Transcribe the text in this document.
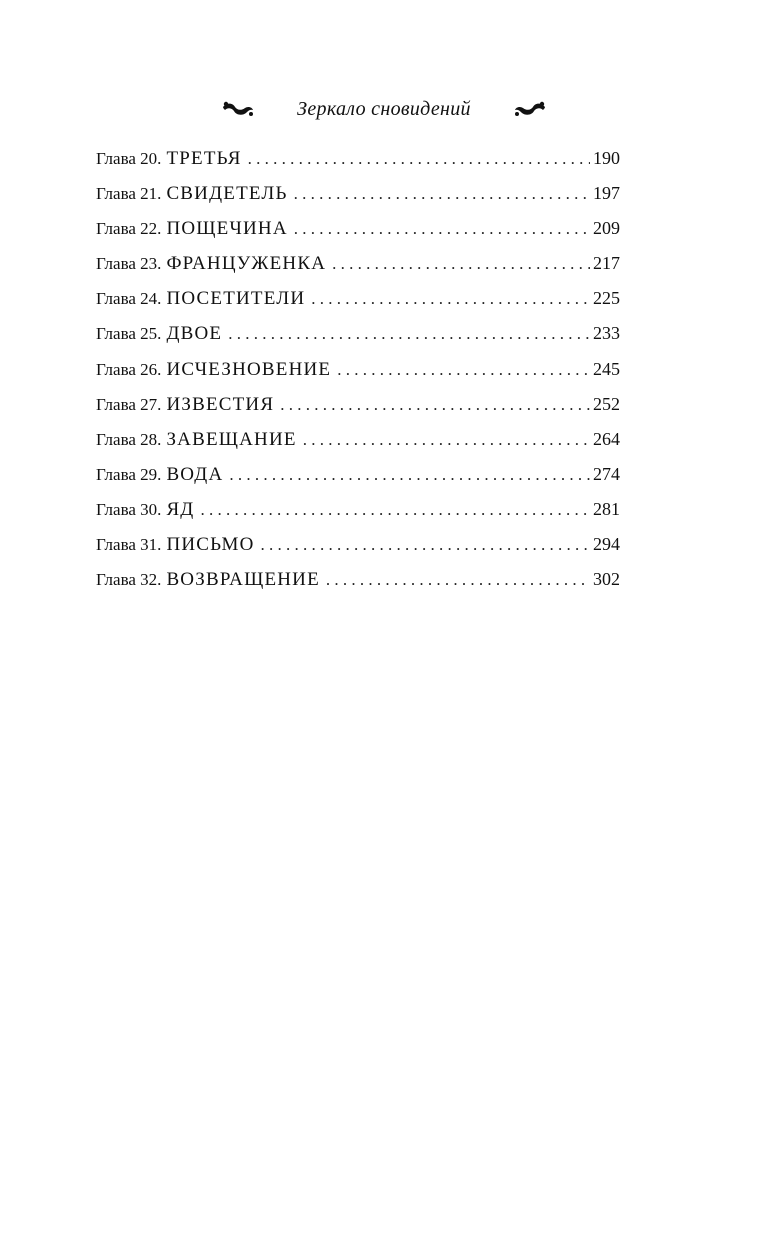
Зеркало сновидений
Глава 20. ТРЕТЬЯ . . .	190
Глава 21. СВИДЕТЕЛЬ . . .	197
Глава 22. ПОЩЕЧИНА . . .	209
Глава 23. ФРАНЦУЖЕНКА . . .	217
Глава 24. ПОСЕТИТЕЛИ . . .	225
Глава 25. ДВОЕ . . .	233
Глава 26. ИСЧЕЗНОВЕНИЕ . . .	245
Глава 27. ИЗВЕСТИЯ . . .	252
Глава 28. ЗАВЕЩАНИЕ . . .	264
Глава 29. ВОДА . . .	274
Глава 30. ЯД . . .	281
Глава 31. ПИСЬМО . . .	294
Глава 32. ВОЗВРАЩЕНИЕ . . .	302
